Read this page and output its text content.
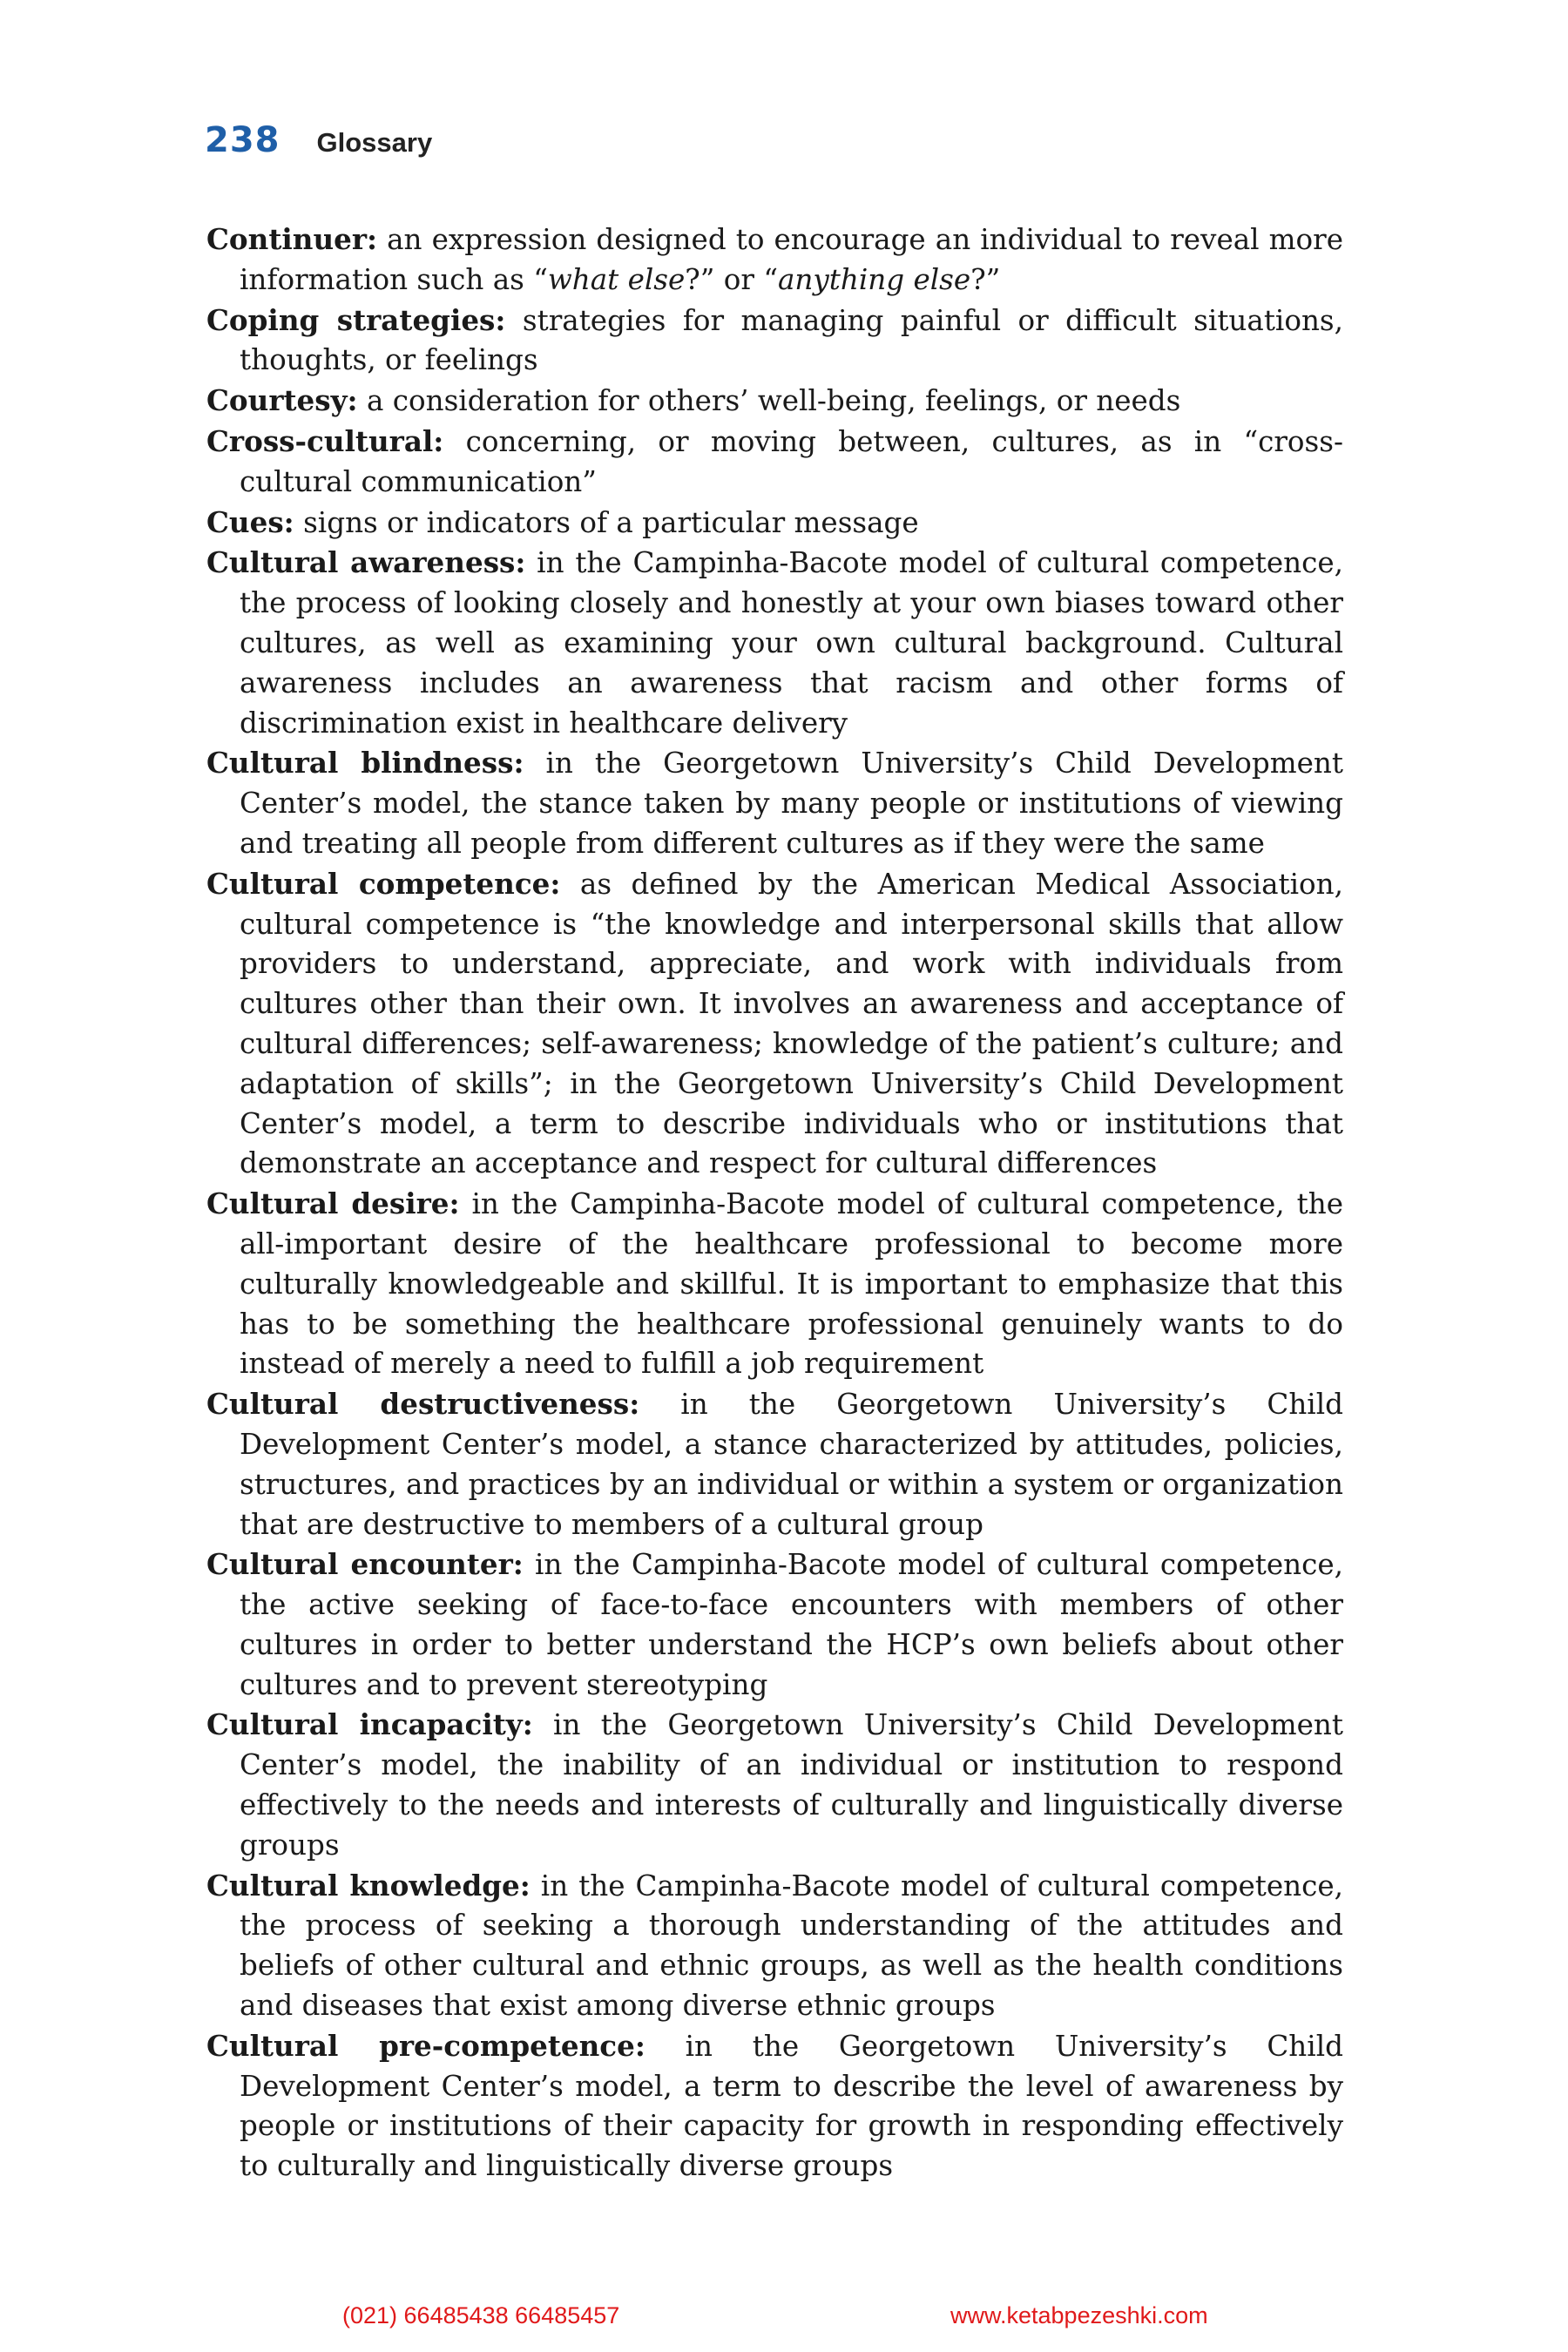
238 Glossary

Continuer: an expression designed to encourage an individual to reveal more information such as “what else?” or “anything else?”

Coping strategies: strategies for managing painful or difficult situations, thoughts, or feelings

Courtesy: a consideration for others’ well-being, feelings, or needs

Cross-cultural: concerning, or moving between, cultures, as in “cross-cultural communication”

Cues: signs or indicators of a particular message

Cultural awareness: in the Campinha-Bacote model of cultural competence, the process of looking closely and honestly at your own biases toward other cultures, as well as examining your own cultural background. Cultural awareness includes an awareness that racism and other forms of discrimination exist in healthcare delivery

Cultural blindness: in the Georgetown University’s Child Development Center’s model, the stance taken by many people or institutions of viewing and treating all people from different cultures as if they were the same

Cultural competence: as defined by the American Medical Association, cultural competence is “the knowledge and interpersonal skills that allow providers to understand, appreciate, and work with individuals from cultures other than their own. It involves an awareness and acceptance of cultural differences; self-awareness; knowledge of the patient’s culture; and adaptation of skills”; in the Georgetown University’s Child Development Center’s model, a term to describe individuals who or institutions that demonstrate an acceptance and respect for cultural differences

Cultural desire: in the Campinha-Bacote model of cultural competence, the all-important desire of the healthcare professional to become more culturally knowledgeable and skillful. It is important to emphasize that this has to be something the healthcare professional genuinely wants to do instead of merely a need to fulfill a job requirement

Cultural destructiveness: in the Georgetown University’s Child Development Center’s model, a stance characterized by attitudes, policies, structures, and practices by an individual or within a system or organization that are destructive to members of a cultural group

Cultural encounter: in the Campinha-Bacote model of cultural competence, the active seeking of face-to-face encounters with members of other cultures in order to better understand the HCP’s own beliefs about other cultures and to prevent stereotyping

Cultural incapacity: in the Georgetown University’s Child Development Center’s model, the inability of an individual or institution to respond effectively to the needs and interests of culturally and linguistically diverse groups

Cultural knowledge: in the Campinha-Bacote model of cultural competence, the process of seeking a thorough understanding of the attitudes and beliefs of other cultural and ethnic groups, as well as the health conditions and diseases that exist among diverse ethnic groups

Cultural pre-competence: in the Georgetown University’s Child Development Center’s model, a term to describe the level of awareness by people or institutions of their capacity for growth in responding effectively to culturally and linguistically diverse groups

(021) 66485438 66485457	www.ketabpezeshki.com
